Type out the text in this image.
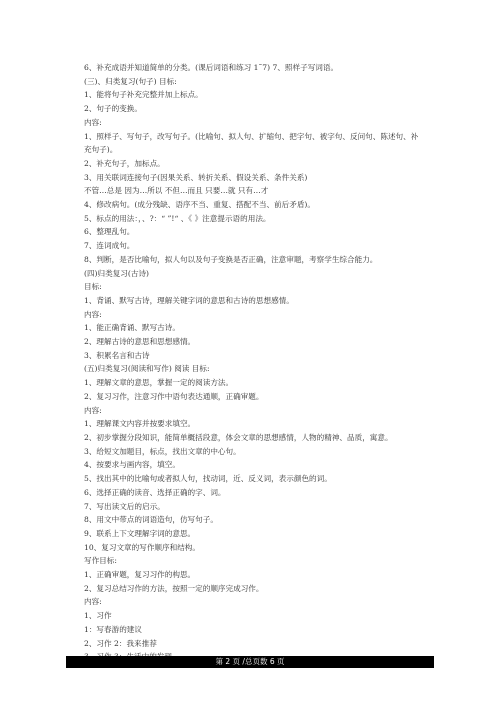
6、补充成语并知道简单的分类。(课后词语和练习 1˜7) 7、照样子写词语。
(三)、归类复习(句子) 目标:
1、能将句子补充完整并加上标点。
2、句子的变换。
内容:
1、照样子、写句子，改写句子。(比喻句、拟人句、扩缩句、把字句、被字句、反问句、陈述句、补充句子)。
2、补充句子，加标点。
3、用关联词连接句子(因果关系、转折关系、假设关系、条件关系)
不管…总是 因为…所以 不但…而且 只要…就 只有…才
4、修改病句。(成分残缺、语序不当、重复、搭配不当、前后矛盾)。
5、标点的用法：，、?：“ ”!“ 、《 》注意提示语的用法。
6、整理乱句。
7、连词成句。
8、判断，是否比喻句，拟人句以及句子变换是否正确，注意审题，考察学生综合能力。
(四)归类复习(古诗)
目标:
1、背诵、默写古诗，理解关键字词的意思和古诗的思想感情。
内容:
1、能正确背诵、默写古诗。
2、理解古诗的意思和思想感情。
3、积累名言和古诗
(五)归类复习(阅读和写作) 阅读 目标:
1、理解文章的意思，掌握一定的阅读方法。
2、复习习作，注意习作中语句表达通顺，正确审题。
内容:
1、理解课文内容并按要求填空。
2、初步掌握分段知识，能简单概括段意，体会文章的思想感情，人物的精神、品质，寓意。
3、给短文加题目，标点，找出文章的中心句。
4、按要求与画内容，填空。
5、找出其中的比喻句或者拟人句，找动词，近、反义词，表示颜色的词。
6、选择正确的读音、选择正确的字、词。
7、写出读文后的启示。
8、用文中带点的词语造句，仿写句子。
9、联系上下文理解字词的意思。
10、复习文章的写作顺序和结构。
写作目标:
1、正确审题，复习习作的构思。
2、复习总结习作的方法，按照一定的顺序完成习作。
内容:
1、习作
1：写春游的建议
2、习作 2：我来推荐
第 2 页 /总页数 6 页
